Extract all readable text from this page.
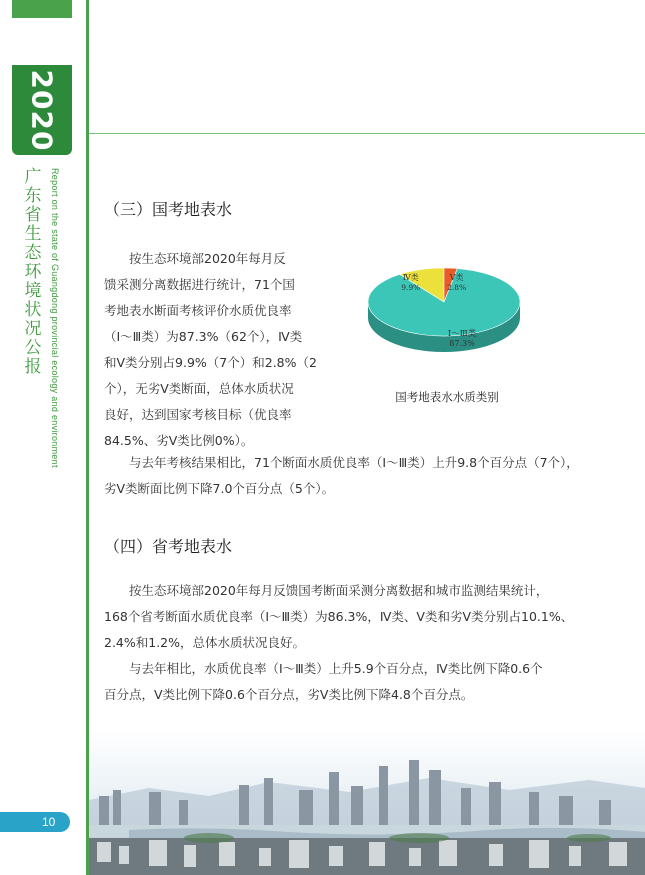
2020
广东省生态环境状况公报 Report on the state of Guangdong provincial ecology and environment
10
（三）国考地表水

按生态环境部2020年每月反
馈采测分离数据进行统计，71个国
考地表水断面考核评价水质优良率
（Ⅰ～Ⅲ类）为87.3%（62个），Ⅳ类
和Ⅴ类分别占9.9%（7个）和2.8%（2
个），无劣Ⅴ类断面，总体水质状况
良好，达到国家考核目标（优良率
84.5%、劣Ⅴ类比例0%）。

与去年考核结果相比，71个断面水质优良率（Ⅰ～Ⅲ类）上升9.8个百分点（7个），
劣Ⅴ类断面比例下降7.0个百分点（5个）。

Ⅰ～Ⅲ类
87.3%
Ⅳ类
9.9%
Ⅴ类
2.8%
国考地表水水质类别
（四）省考地表水

按生态环境部2020年每月反馈国考断面采测分离数据和城市监测结果统计，
168个省考断面水质优良率（Ⅰ～Ⅲ类）为86.3%，Ⅳ类、Ⅴ类和劣Ⅴ类分别占10.1%、
2.4%和1.2%，总体水质状况良好。

与去年相比，水质优良率（Ⅰ～Ⅲ类）上升5.9个百分点，Ⅳ类比例下降0.6个
百分点，Ⅴ类比例下降0.6个百分点，劣Ⅴ类比例下降4.8个百分点。
